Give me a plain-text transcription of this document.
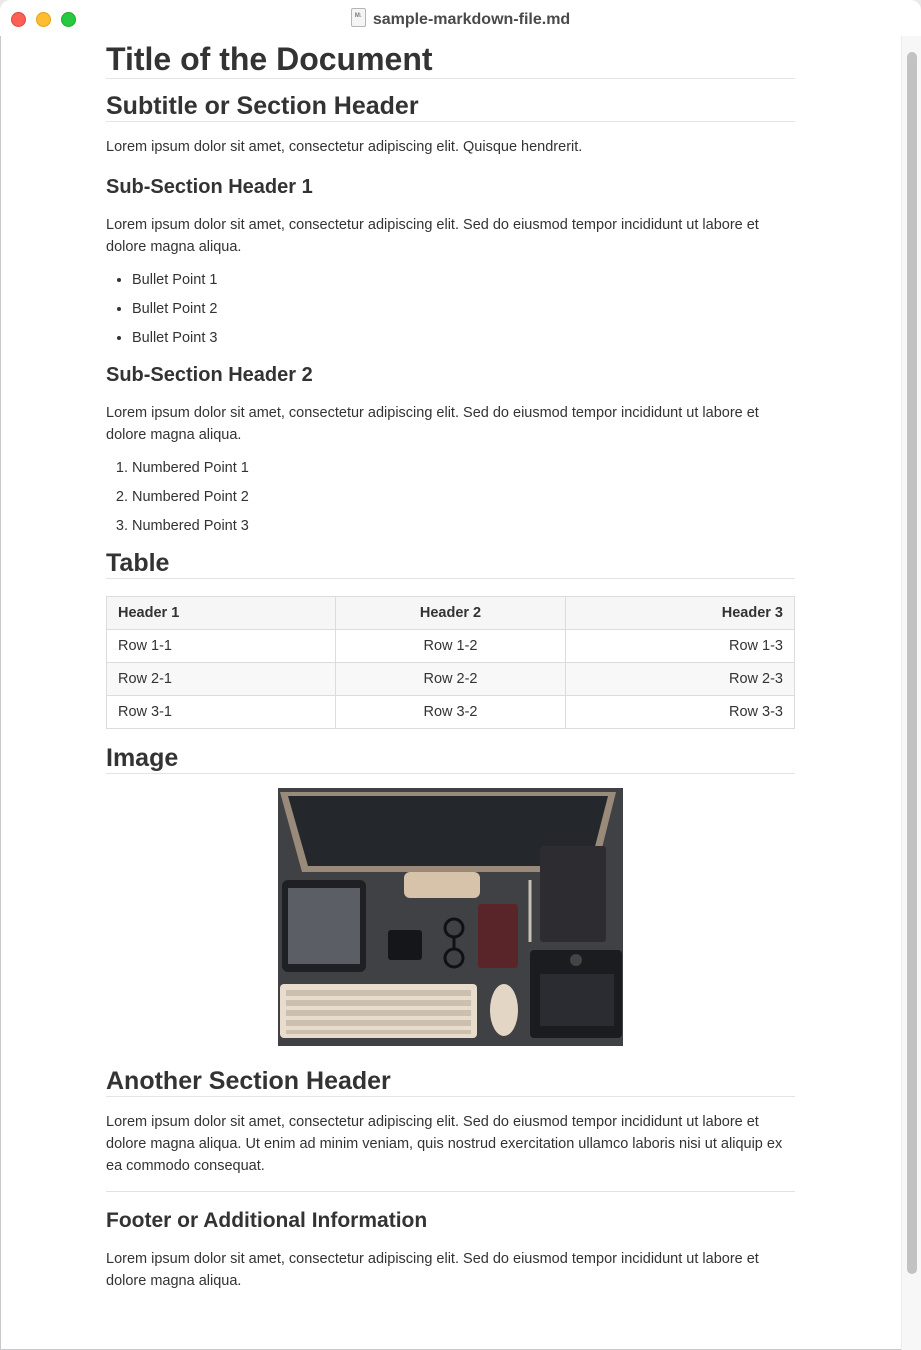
M↓sample-markdown-file.md
Title of the Document
Subtitle or Section Header

Lorem ipsum dolor sit amet, consectetur adipiscing elit. Quisque hendrerit.

Sub-Section Header 1

Lorem ipsum dolor sit amet, consectetur adipiscing elit. Sed do eiusmod tempor incididunt ut labore et dolore magna aliqua.

• Bullet Point 1
• Bullet Point 2
• Bullet Point 3
Sub-Section Header 2

Lorem ipsum dolor sit amet, consectetur adipiscing elit. Sed do eiusmod tempor incididunt ut labore et dolore magna aliqua.

1. Numbered Point 1
2. Numbered Point 2
3. Numbered Point 3
Table
Header 1	Header 2	Header 3
Row 1-1	Row 1-2	Row 1-3
Row 2-1	Row 2-2	Row 2-3
Row 3-1	Row 3-2	Row 3-3
Image
Another Section Header

Lorem ipsum dolor sit amet, consectetur adipiscing elit. Sed do eiusmod tempor incididunt ut labore et dolore magna aliqua. Ut enim ad minim veniam, quis nostrud exercitation ullamco laboris nisi ut aliquip ex ea commodo consequat.

Footer or Additional Information

Lorem ipsum dolor sit amet, consectetur adipiscing elit. Sed do eiusmod tempor incididunt ut labore et dolore magna aliqua.
